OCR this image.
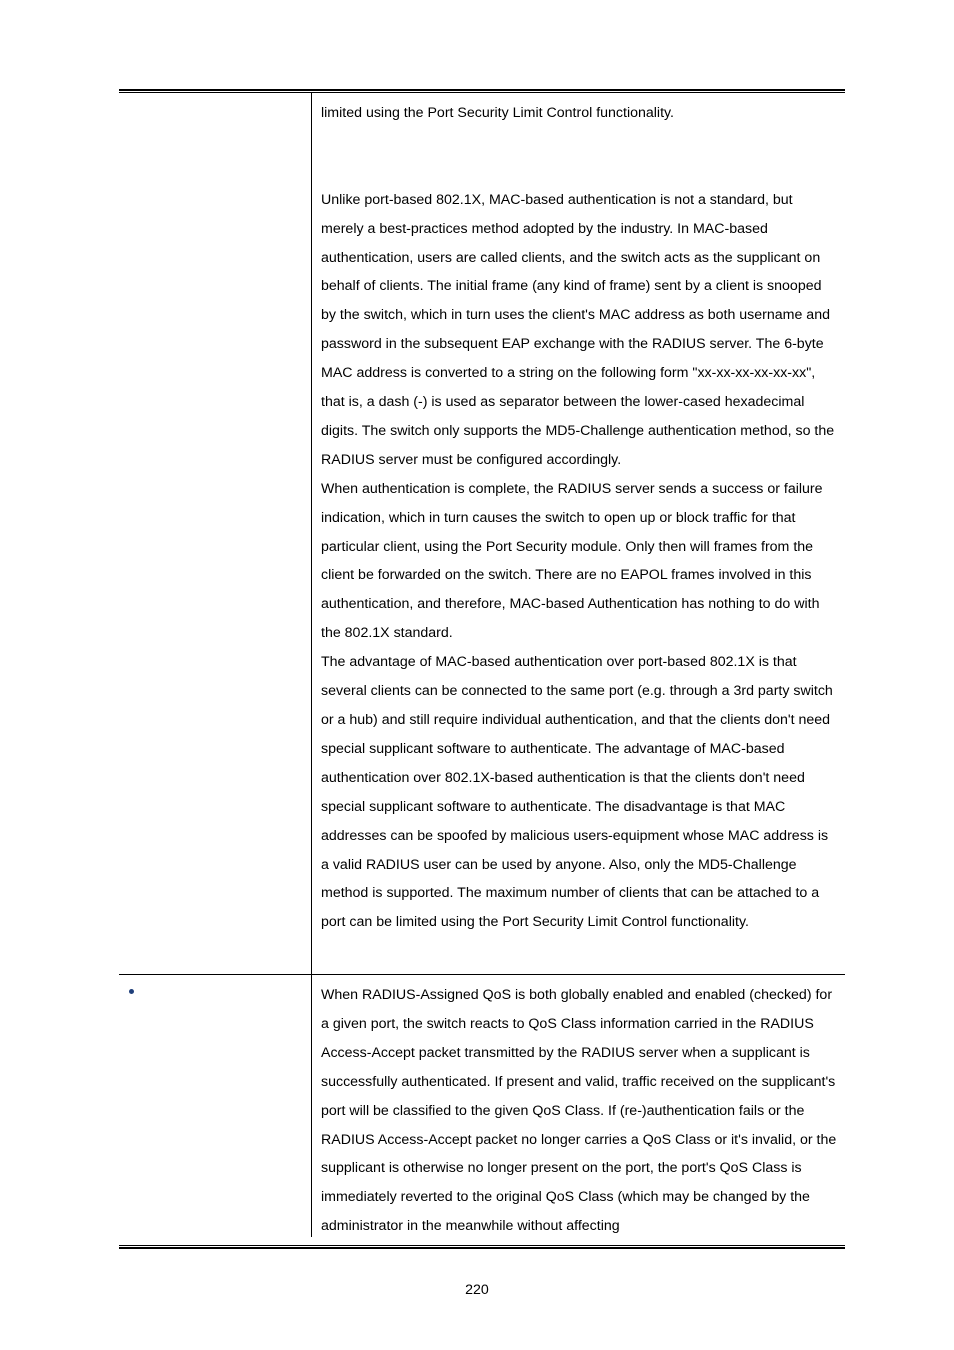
limited using the Port Security Limit Control functionality.

Unlike port-based 802.1X, MAC-based authentication is not a standard, but merely a best-practices method adopted by the industry. In MAC-based authentication, users are called clients, and the switch acts as the supplicant on behalf of clients. The initial frame (any kind of frame) sent by a client is snooped by the switch, which in turn uses the client's MAC address as both username and password in the subsequent EAP exchange with the RADIUS server. The 6-byte MAC address is converted to a string on the following form "xx-xx-xx-xx-xx-xx", that is, a dash (-) is used as separator between the lower-cased hexadecimal digits. The switch only supports the MD5-Challenge authentication method, so the RADIUS server must be configured accordingly.

When authentication is complete, the RADIUS server sends a success or failure indication, which in turn causes the switch to open up or block traffic for that particular client, using the Port Security module. Only then will frames from the client be forwarded on the switch. There are no EAPOL frames involved in this authentication, and therefore, MAC-based Authentication has nothing to do with the 802.1X standard.

The advantage of MAC-based authentication over port-based 802.1X is that several clients can be connected to the same port (e.g. through a 3rd party switch or a hub) and still require individual authentication, and that the clients don't need special supplicant software to authenticate. The advantage of MAC-based authentication over 802.1X-based authentication is that the clients don't need special supplicant software to authenticate. The disadvantage is that MAC addresses can be spoofed by malicious users-equipment whose MAC address is a valid RADIUS user can be used by anyone. Also, only the MD5-Challenge method is supported. The maximum number of clients that can be attached to a port can be limited using the Port Security Limit Control functionality.

When RADIUS-Assigned QoS is both globally enabled and enabled (checked) for a given port, the switch reacts to QoS Class information carried in the RADIUS Access-Accept packet transmitted by the RADIUS server when a supplicant is successfully authenticated. If present and valid, traffic received on the supplicant's port will be classified to the given QoS Class. If (re-)authentication fails or the RADIUS Access-Accept packet no longer carries a QoS Class or it's invalid, or the supplicant is otherwise no longer present on the port, the port's QoS Class is immediately reverted to the original QoS Class (which may be changed by the administrator in the meanwhile without affecting

220
